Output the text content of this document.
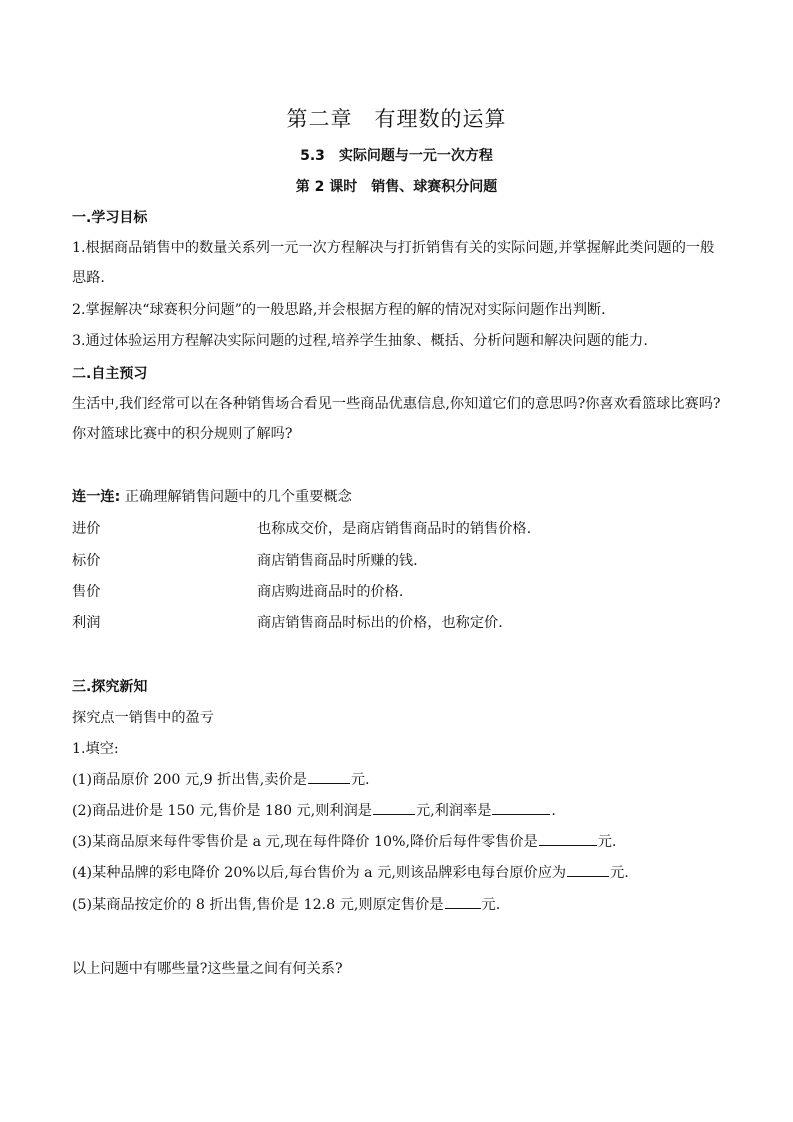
第二章　有理数的运算
5.3　实际问题与一元一次方程
第 2 课时　销售、球赛积分问题
一.学习目标
1.根据商品销售中的数量关系列一元一次方程解决与打折销售有关的实际问题,并掌握解此类问题的一般思路.
2.掌握解决“球赛积分问题”的一般思路,并会根据方程的解的情况对实际问题作出判断.
3.通过体验运用方程解决实际问题的过程,培养学生抽象、概括、分析问题和解决问题的能力.
二.自主预习
生活中,我们经常可以在各种销售场合看见一些商品优惠信息,你知道它们的意思吗?你喜欢看篮球比赛吗?你对篮球比赛中的积分规则了解吗?
连一连: 正确理解销售问题中的几个重要概念
进价	也称成交价，是商店销售商品时的销售价格.
标价	商店销售商品时所赚的钱.
售价	商店购进商品时的价格.
利润	商店销售商品时标出的价格，也称定价.
三.探究新知
探究点一销售中的盈亏
1.填空:
(1)商品原价 200 元,9 折出售,卖价是	元.
(2)商品进价是 150 元,售价是 180 元,则利润是	元,利润率是	.
(3)某商品原来每件零售价是 a 元,现在每件降价 10%,降价后每件零售价是	元.
(4)某种品牌的彩电降价 20%以后,每台售价为 a 元,则该品牌彩电每台原价应为	元.
(5)某商品按定价的 8 折出售,售价是 12.8 元,则原定售价是	元.
以上问题中有哪些量?这些量之间有何关系?
